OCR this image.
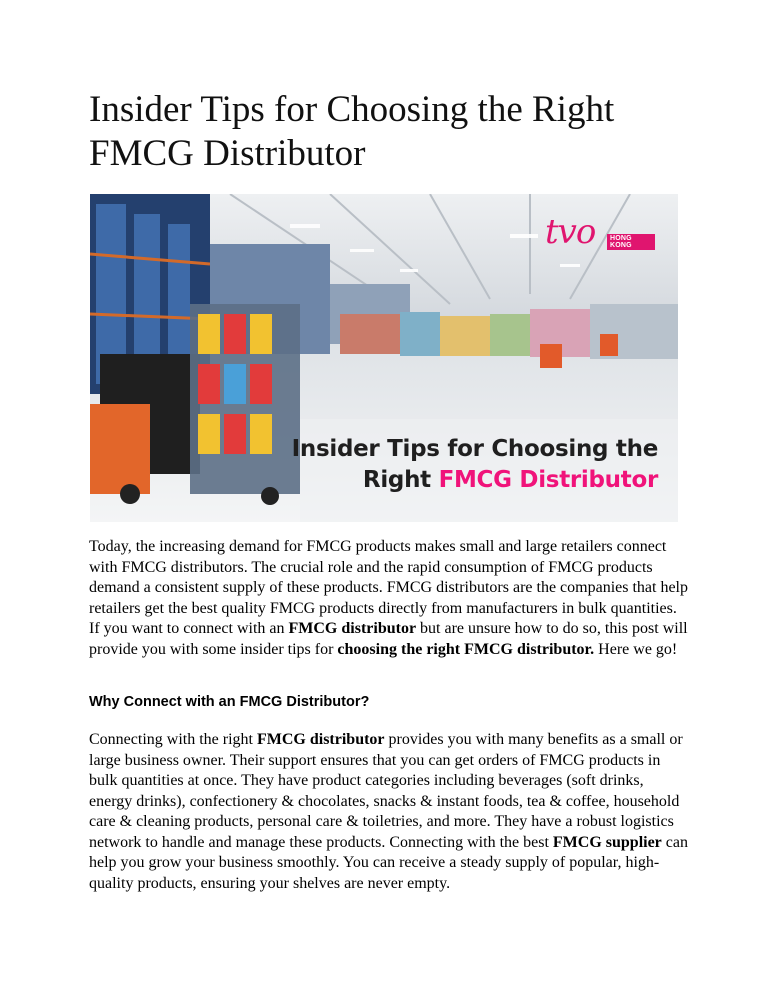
Insider Tips for Choosing the Right FMCG Distributor
tvo	HONG KONG
Insider Tips for Choosing the
Right FMCG Distributor

Today, the increasing demand for FMCG products makes small and large retailers connect with FMCG distributors. The crucial role and the rapid consumption of FMCG products demand a consistent supply of these products. FMCG distributors are the companies that help retailers get the best quality FMCG products directly from manufacturers in bulk quantities. If you want to connect with an FMCG distributor but are unsure how to do so, this post will provide you with some insider tips for choosing the right FMCG distributor. Here we go!

Why Connect with an FMCG Distributor?

Connecting with the right FMCG distributor provides you with many benefits as a small or large business owner. Their support ensures that you can get orders of FMCG products in bulk quantities at once. They have product categories including beverages (soft drinks, energy drinks), confectionery & chocolates, snacks & instant foods, tea & coffee, household care & cleaning products, personal care & toiletries, and more. They have a robust logistics network to handle and manage these products. Connecting with the best FMCG supplier can help you grow your business smoothly. You can receive a steady supply of popular, high-quality products, ensuring your shelves are never empty.
